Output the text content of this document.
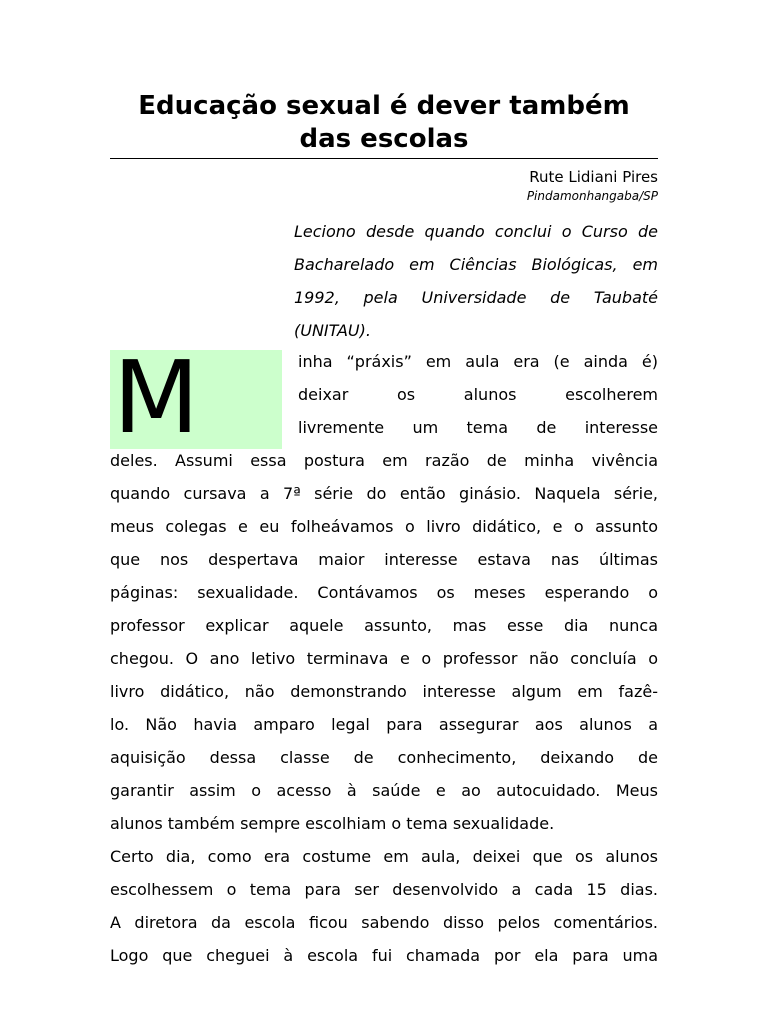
Educação sexual é dever também das escolas
Rute Lidiani Pires
Pindamonhangaba/SP

Leciono desde quando conclui o Curso de Bacharelado em Ciências Biológicas, em 1992, pela Universidade de Taubaté (UNITAU).

M	inha “práxis” em aula era (e ainda é)
deixar os alunos escolherem
livremente um tema de interesse
deles. Assumi essa postura em razão de minha vivência
quando cursava a 7ª série do então ginásio. Naquela série,
meus colegas e eu folheávamos o livro didático, e o assunto
que nos despertava maior interesse estava nas últimas
páginas: sexualidade. Contávamos os meses esperando o
professor explicar aquele assunto, mas esse dia nunca
chegou. O ano letivo terminava e o professor não concluía o
livro didático, não demonstrando interesse algum em fazê-
lo. Não havia amparo legal para assegurar aos alunos a
aquisição dessa classe de conhecimento, deixando de
garantir assim o acesso à saúde e ao autocuidado. Meus
alunos também sempre escolhiam o tema sexualidade.
Certo dia, como era costume em aula, deixei que os alunos
escolhessem o tema para ser desenvolvido a cada 15 dias.
A diretora da escola ficou sabendo disso pelos comentários.
Logo que cheguei à escola fui chamada por ela para uma
